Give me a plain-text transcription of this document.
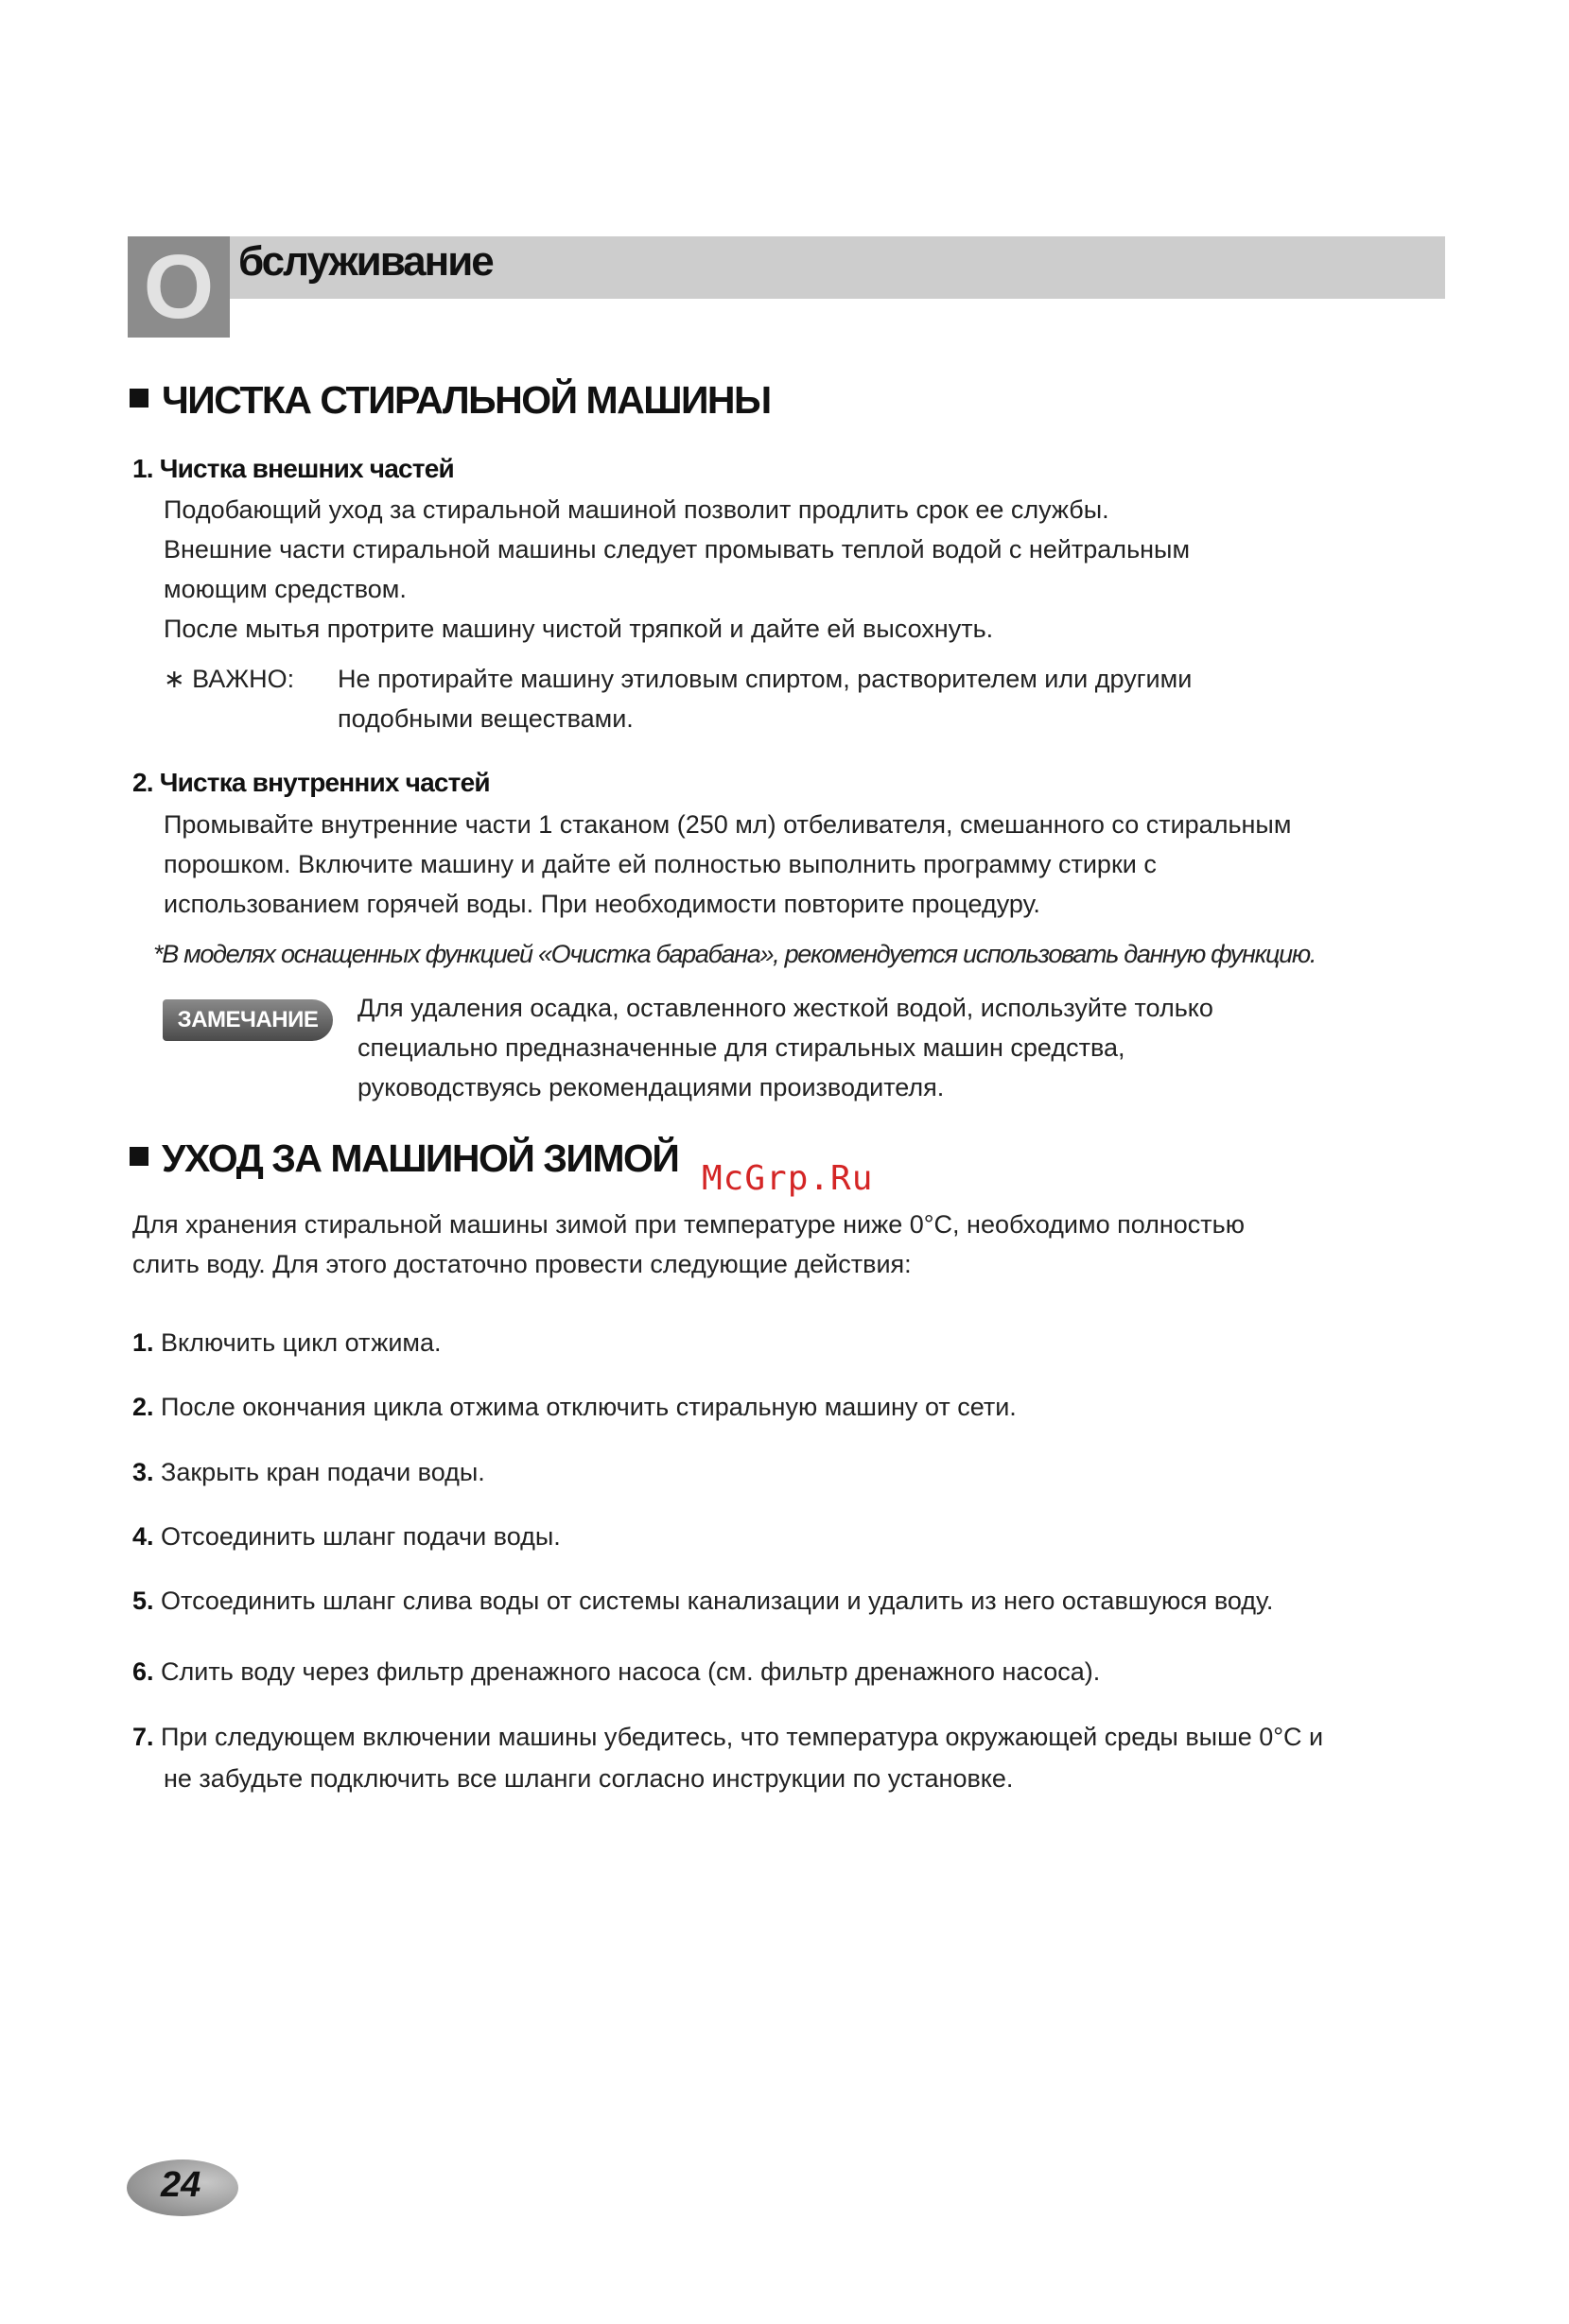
О бслуживание
ЧИСТКА СТИРАЛЬНОЙ МАШИНЫ
1. Чистка внешних частей
Подобающий уход за стиральной машиной позволит продлить срок ее службы.
Внешние части стиральной машины следует промывать теплой водой с нейтральным
моющим средством.
После мытья протрите машину чистой тряпкой и дайте ей высохнуть.
∗ ВАЖНО: Не протирайте машину этиловым спиртом, растворителем или другими
подобными веществами.
2. Чистка внутренних частей
Промывайте внутренние части 1 стаканом (250 мл) отбеливателя, смешанного со стиральным
порошком. Включите машину и дайте ей полностью выполнить программу стирки с
использованием горячей воды. При необходимости повторите процедуру.
*В моделях оснащенных функцией «Очистка барабана», рекомендуется использовать данную функцию.
ЗАМЕЧАНИЕ	Для удаления осадка, оставленного жесткой водой, используйте только
специально предназначенные для стиральных машин средства,
руководствуясь рекомендациями производителя.
УХОД ЗА МАШИНОЙ ЗИМОЙ McGrp.Ru
Для хранения стиральной машины зимой при температуре ниже 0°С, необходимо полностью
слить воду. Для этого достаточно провести следующие действия:
1. Включить цикл отжима.
2. После окончания цикла отжима отключить стиральную машину от сети.
3. Закрыть кран подачи воды.
4. Отсоединить шланг подачи воды.
5. Отсоединить шланг слива воды от системы канализации и удалить из него оставшуюся воду.
6. Слить воду через фильтр дренажного насоса (см. фильтр дренажного насоса).
7. При следующем включении машины убедитесь, что температура окружающей среды выше 0°С и
не забудьте подключить все шланги согласно инструкции по установке.
24
